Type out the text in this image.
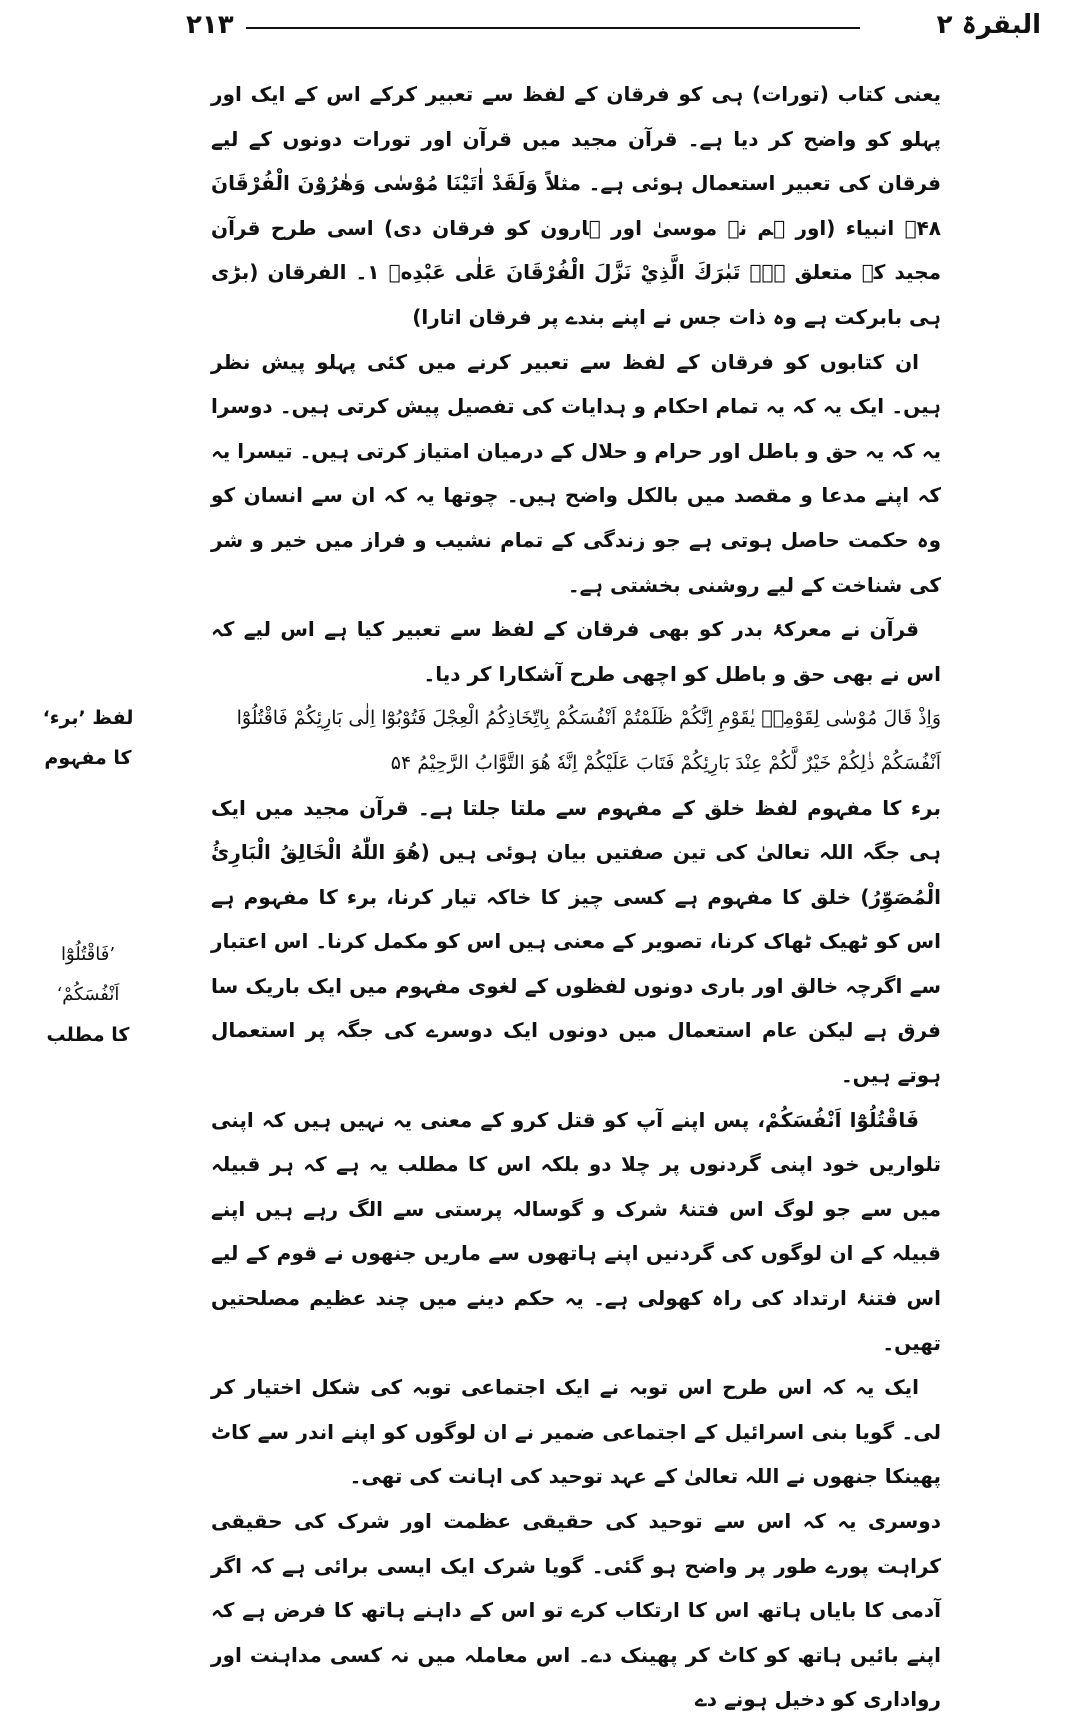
البقرۃ ۲
۲۱۳

یعنی کتاب (تورات) ہی کو فرقان کے لفظ سے تعبیر کرکے اس کے ایک اور پہلو کو واضح کر دیا ہے۔ قرآن مجید میں قرآن اور تورات دونوں کے لیے فرقان کی تعبیر استعمال ہوئی ہے۔ مثلاً وَلَقَدْ اٰتَيْنَا مُوْسٰى وَهٰرُوْنَ الْفُرْقَانَ ۴۸۔ انبیاء (اور ہم نے موسیٰ اور ہارون کو فرقان دی) اسی طرح قرآن مجید کے متعلق ہے۔ تَبٰرَكَ الَّذِيْ نَزَّلَ الْفُرْقَانَ عَلٰى عَبْدِهٖ ۱۔ الفرقان (بڑی ہی بابرکت ہے وہ ذات جس نے اپنے بندے پر فرقان اتارا)

ان کتابوں کو فرقان کے لفظ سے تعبیر کرنے میں کئی پہلو پیش نظر ہیں۔ ایک یہ کہ یہ تمام احکام و ہدایات کی تفصیل پیش کرتی ہیں۔ دوسرا یہ کہ یہ حق و باطل اور حرام و حلال کے درمیان امتیاز کرتی ہیں۔ تیسرا یہ کہ اپنے مدعا و مقصد میں بالکل واضح ہیں۔ چوتھا یہ کہ ان سے انسان کو وہ حکمت حاصل ہوتی ہے جو زندگی کے تمام نشیب و فراز میں خیر و شر کی شناخت کے لیے روشنی بخشتی ہے۔

قرآن نے معرکۂ بدر کو بھی فرقان کے لفظ سے تعبیر کیا ہے اس لیے کہ اس نے بھی حق و باطل کو اچھی طرح آشکارا کر دیا۔

وَاِذْ قَالَ مُوْسٰى لِقَوْمِهٖ يٰقَوْمِ اِنَّكُمْ ظَلَمْتُمْ اَنْفُسَكُمْ بِاتِّخَاذِكُمُ الْعِجْلَ فَتُوْبُوْٓا اِلٰى بَارِئِكُمْ فَاقْتُلُوْٓا اَنْفُسَكُمْ ذٰلِكُمْ خَيْرٌ لَّكُمْ عِنْدَ بَارِئِكُمْ فَتَابَ عَلَيْكُمْ اِنَّهٗ هُوَ التَّوَّابُ الرَّحِيْمُ ۵۴

برء کا مفہوم لفظ خلق کے مفہوم سے ملتا جلتا ہے۔ قرآن مجید میں ایک ہی جگہ اللہ تعالیٰ کی تین صفتیں بیان ہوئی ہیں (هُوَ اللّٰهُ الْخَالِقُ الْبَارِئُ الْمُصَوِّرُ) خلق کا مفہوم ہے کسی چیز کا خاکہ تیار کرنا، برء کا مفہوم ہے اس کو ٹھیک ٹھاک کرنا، تصویر کے معنی ہیں اس کو مکمل کرنا۔ اس اعتبار سے اگرچہ خالق اور باری دونوں لفظوں کے لغوی مفہوم میں ایک باریک سا فرق ہے لیکن عام استعمال میں دونوں ایک دوسرے کی جگہ پر استعمال ہوتے ہیں۔

فَاقْتُلُوْٓا اَنْفُسَكُمْ، پس اپنے آپ کو قتل کرو کے معنی یہ نہیں ہیں کہ اپنی تلواریں خود اپنی گردنوں پر چلا دو بلکہ اس کا مطلب یہ ہے کہ ہر قبیلہ میں سے جو لوگ اس فتنۂ شرک و گوسالہ پرستی سے الگ رہے ہیں اپنے قبیلہ کے ان لوگوں کی گردنیں اپنے ہاتھوں سے ماریں جنھوں نے قوم کے لیے اس فتنۂ ارتداد کی راہ کھولی ہے۔ یہ حکم دینے میں چند عظیم مصلحتیں تھیں۔

ایک یہ کہ اس طرح اس توبہ نے ایک اجتماعی توبہ کی شکل اختیار کر لی۔ گویا بنی اسرائیل کے اجتماعی ضمیر نے ان لوگوں کو اپنے اندر سے کاٹ پھینکا جنھوں نے اللہ تعالیٰ کے عہد توحید کی اہانت کی تھی۔

دوسری یہ کہ اس سے توحید کی حقیقی عظمت اور شرک کی حقیقی کراہت پورے طور پر واضح ہو گئی۔ گویا شرک ایک ایسی برائی ہے کہ اگر آدمی کا بایاں ہاتھ اس کا ارتکاب کرے تو اس کے داہنے ہاتھ کا فرض ہے کہ اپنے بائیں ہاتھ کو کاٹ کر پھینک دے۔ اس معاملہ میں نہ کسی مداہنت اور رواداری کو دخیل ہونے دے

لفظ ’برء‘
کا مفہوم
’فَاقْتُلُوْٓا
اَنْفُسَكُمْ‘
کا مطلب
